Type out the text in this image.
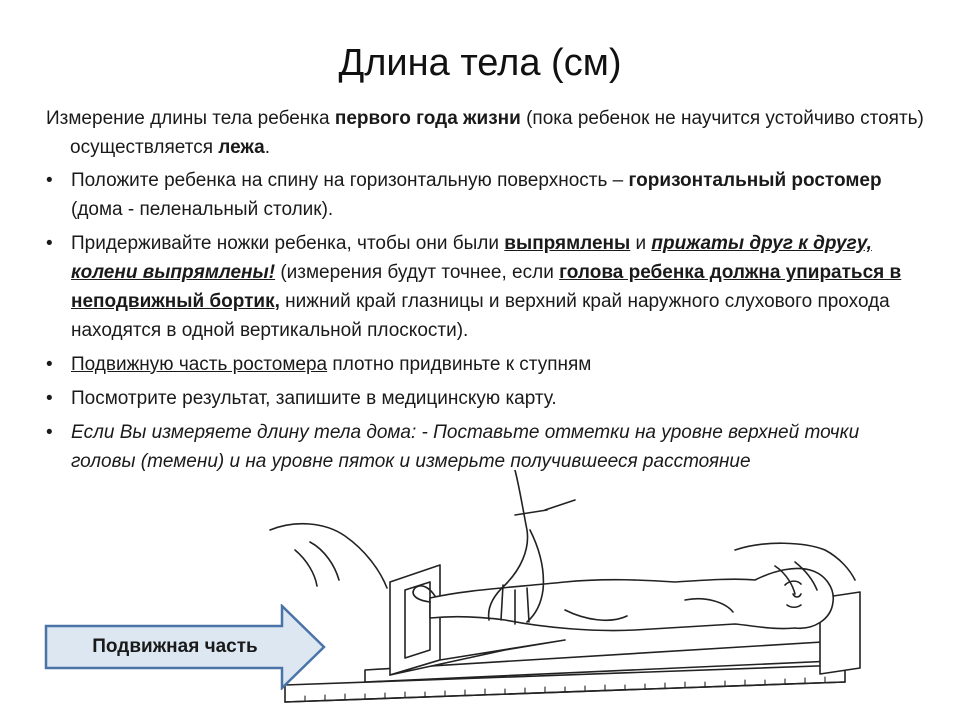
Длина тела (см)

Измерение длины тела ребенка первого года жизни (пока ребенок не научится устойчиво стоять) осуществляется лежа.

• Положите ребенка на спину на горизонтальную поверхность – горизонтальный ростомер (дома - пеленальный столик).
• Придерживайте ножки ребенка, чтобы они были выпрямлены и прижаты друг к другу, колени выпрямлены! (измерения будут точнее, если голова ребенка должна упираться в неподвижный бортик, нижний край глазницы и верхний край наружного слухового прохода находятся в одной вертикальной плоскости).
• Подвижную часть ростомера плотно придвиньте к ступням
• Посмотрите результат, запишите в медицинскую карту.
• Если Вы измеряете длину тела дома: - Поставьте отметки на уровне верхней точки головы (темени) и на уровне пяток и измерьте получившееся расстояние
Подвижная часть
